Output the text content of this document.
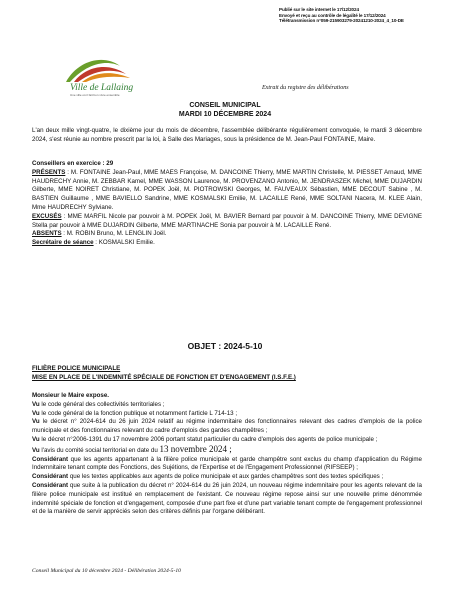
Publié sur le site internet le 17/12/2024
Envoyé et reçu au contrôle de légalité le 17/12/2024
Télétransmission n°059-215903279-20241210-2024_4_10-DE
Ville de Lallaing
Une ville où il fait bon vivre ensemble
Extrait du registre des délibérations
CONSEIL MUNICIPAL
MARDI 10 DÉCEMBRE 2024
L'an deux mille vingt-quatre, le dixième jour du mois de décembre, l'assemblée délibérante régulièrement convoquée, le mardi 3 décembre 2024, s'est réunie au nombre prescrit par la loi, à Salle des Mariages, sous la présidence de M. Jean-Paul FONTAINE, Maire.
Conseillers en exercice : 29
PRÉSENTS : M. FONTAINE Jean-Paul, MME MAES Françoise, M. DANCOINE Thierry, MME MARTIN Christelle, M. PIESSET Arnaud, MME HAUDRECHY Annie, M. ZEBBAR Kamel, MME WASSON Laurence, M. PROVENZANO Antonio, M. JENDRASZEK Michel, MME DUJARDIN Gilberte, MME NOIRET Christiane, M. POPEK Joël, M. PIOTROWSKI Georges, M. FAUVEAUX Sébastien, MME DECOUT Sabine , M. BASTIEN Guillaume , MME BAVIELLO Sandrine, MME KOSMALSKI Emilie, M. LACAILLE René, MME SOLTANI Nacera, M. KLEE Alain, Mme HAUDRECHY Sylviane.
EXCUSÉS : MME MARFIL Nicole par pouvoir à M. POPEK Joël, M. BAVIER Bernard par pouvoir à M. DANCOINE Thierry, MME DEVIGNE Stella par pouvoir à MME DUJARDIN Gilberte, MME MARTINACHE Sonia par pouvoir à M. LACAILLE René.
ABSENTS : M. ROBIN Bruno, M. LENGLIN Joël.
Secrétaire de séance : KOSMALSKI Emilie.
OBJET : 2024-5-10
FILIÈRE POLICE MUNICIPALE
MISE EN PLACE DE L'INDEMNITÉ SPÉCIALE DE FONCTION ET D'ENGAGEMENT (I.S.F.E.)
Monsieur le Maire expose.
Vu le code général des collectivités territoriales ;
Vu le code général de la fonction publique et notamment l'article L 714-13 ;
Vu le décret n° 2024-614 du 26 juin 2024 relatif au régime indemnitaire des fonctionnaires relevant des cadres d'emplois de la police municipale et des fonctionnaires relevant du cadre d'emplois des gardes champêtres ;
Vu le décret n°2006-1391 du 17 novembre 2006 portant statut particulier du cadre d'emplois des agents de police municipale ;
Vu l'avis du comité social territorial en date du 13 novembre 2024 ;
Considérant que les agents appartenant à la filière police municipale et garde champêtre sont exclus du champ d'application du Régime Indemnitaire tenant compte des Fonctions, des Sujétions, de l'Expertise et de l'Engagement Professionnel (RIFSEEP) ;
Considérant que les textes applicables aux agents de police municipale et aux gardes champêtres sont des textes spécifiques ;
Considérant que suite à la publication du décret n° 2024-614 du 26 juin 2024, un nouveau régime indemnitaire pour les agents relevant de la filière police municipale est institué en remplacement de l'existant. Ce nouveau régime repose ainsi sur une nouvelle prime dénommée indemnité spéciale de fonction et d'engagement, composée d'une part fixe et d'une part variable tenant compte de l'engagement professionnel et de la manière de servir appréciés selon des critères définis par l'organe délibérant.
Conseil Municipal du 10 décembre 2024 - Délibération 2024-5-10
